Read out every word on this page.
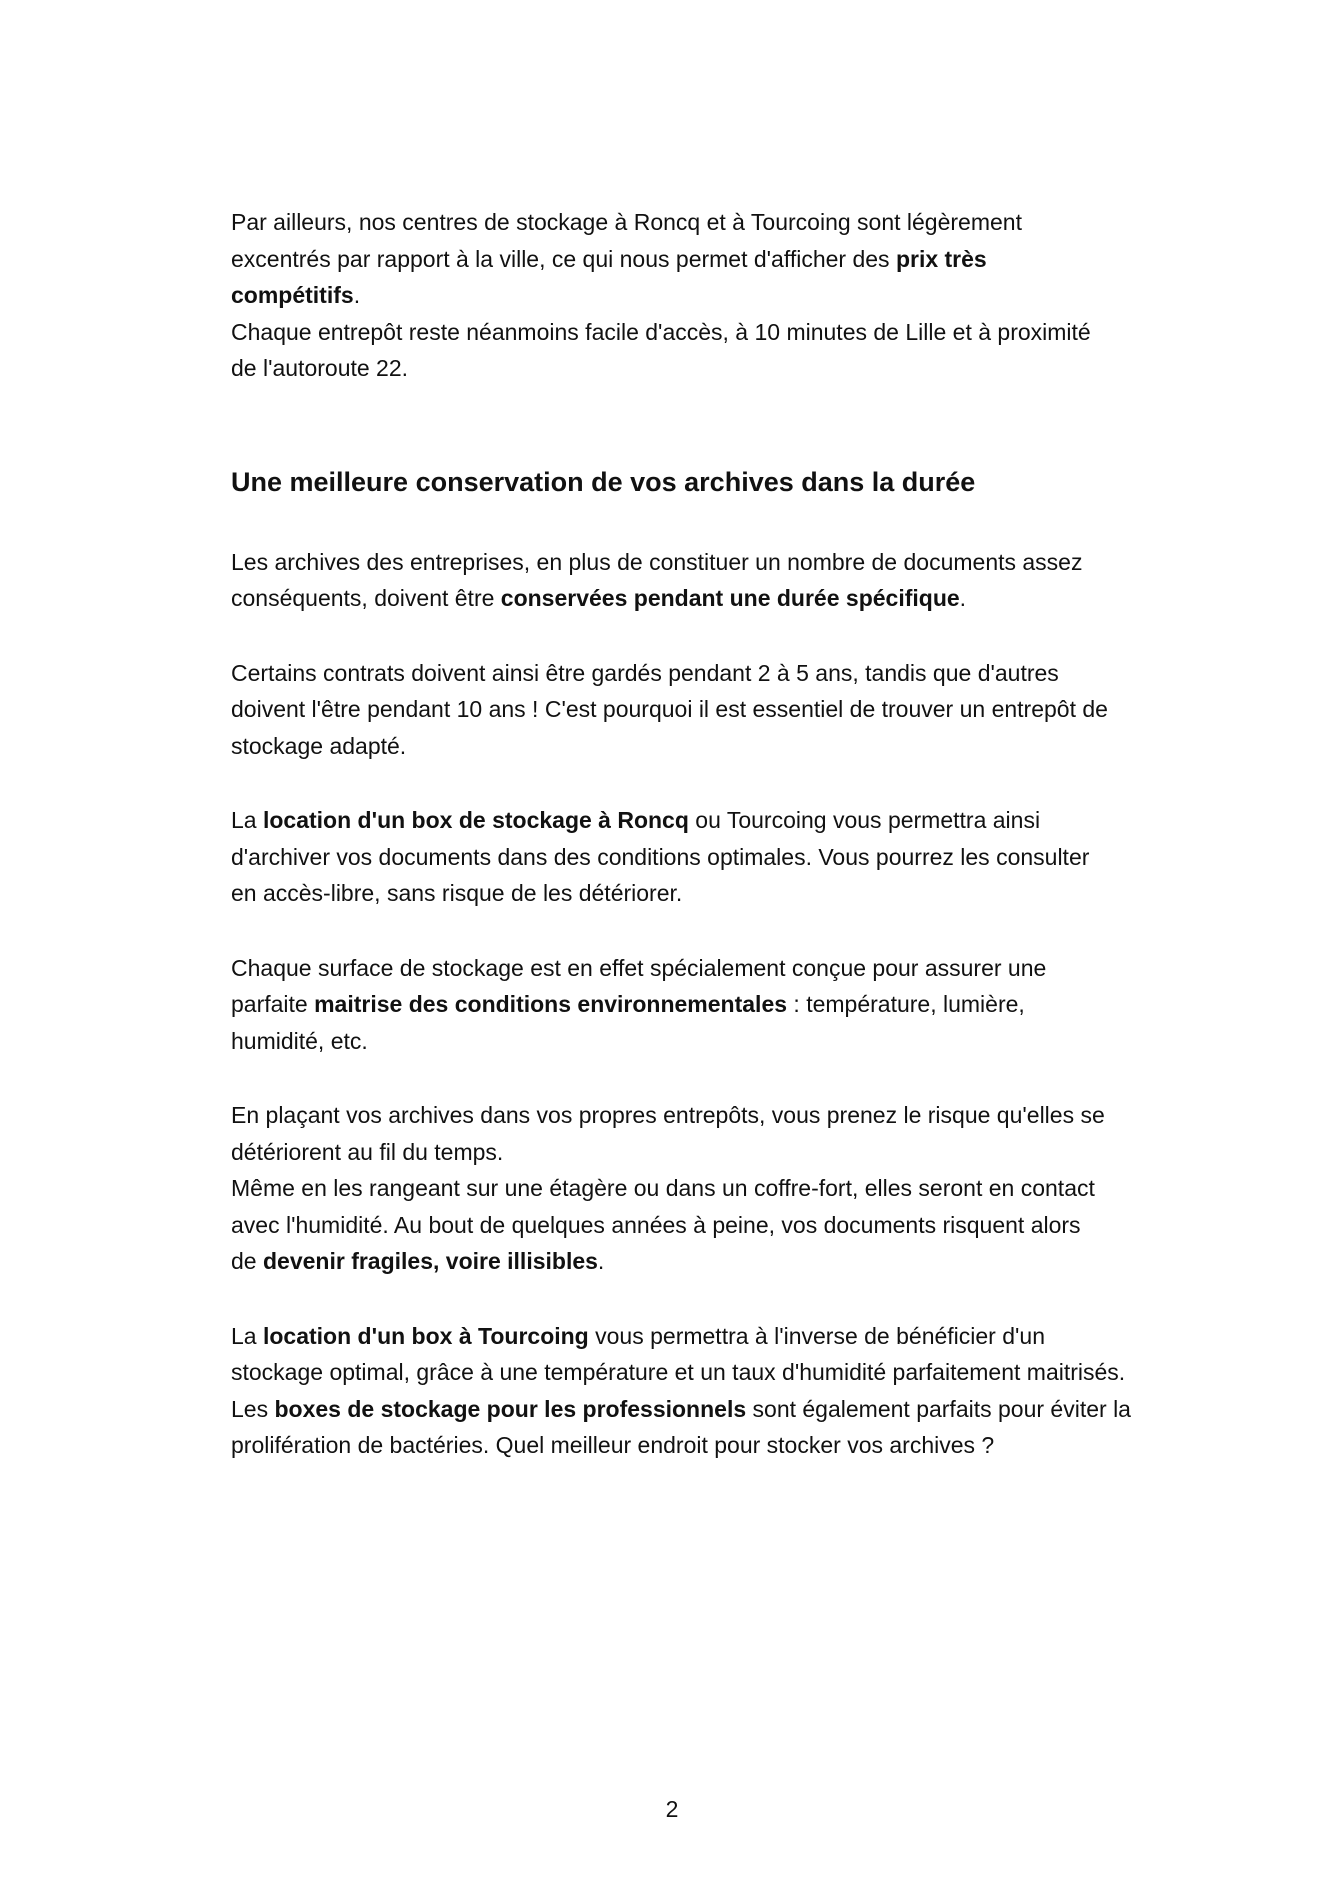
Par ailleurs, nos centres de stockage à Roncq et à Tourcoing sont légèrement excentrés par rapport à la ville, ce qui nous permet d'afficher des prix très compétitifs.
Chaque entrepôt reste néanmoins facile d'accès, à 10 minutes de Lille et à proximité de l'autoroute 22.

Une meilleure conservation de vos archives dans la durée

Les archives des entreprises, en plus de constituer un nombre de documents assez conséquents, doivent être conservées pendant une durée spécifique.

Certains contrats doivent ainsi être gardés pendant 2 à 5 ans, tandis que d'autres doivent l'être pendant 10 ans ! C'est pourquoi il est essentiel de trouver un entrepôt de stockage adapté.

La location d'un box de stockage à Roncq ou Tourcoing vous permettra ainsi d'archiver vos documents dans des conditions optimales. Vous pourrez les consulter en accès-libre, sans risque de les détériorer.

Chaque surface de stockage est en effet spécialement conçue pour assurer une parfaite maitrise des conditions environnementales : température, lumière, humidité, etc.

En plaçant vos archives dans vos propres entrepôts, vous prenez le risque qu'elles se détériorent au fil du temps.
Même en les rangeant sur une étagère ou dans un coffre-fort, elles seront en contact avec l'humidité. Au bout de quelques années à peine, vos documents risquent alors de devenir fragiles, voire illisibles.

La location d'un box à Tourcoing vous permettra à l'inverse de bénéficier d'un stockage optimal, grâce à une température et un taux d'humidité parfaitement maitrisés.
Les boxes de stockage pour les professionnels sont également parfaits pour éviter la prolifération de bactéries. Quel meilleur endroit pour stocker vos archives ?

2
